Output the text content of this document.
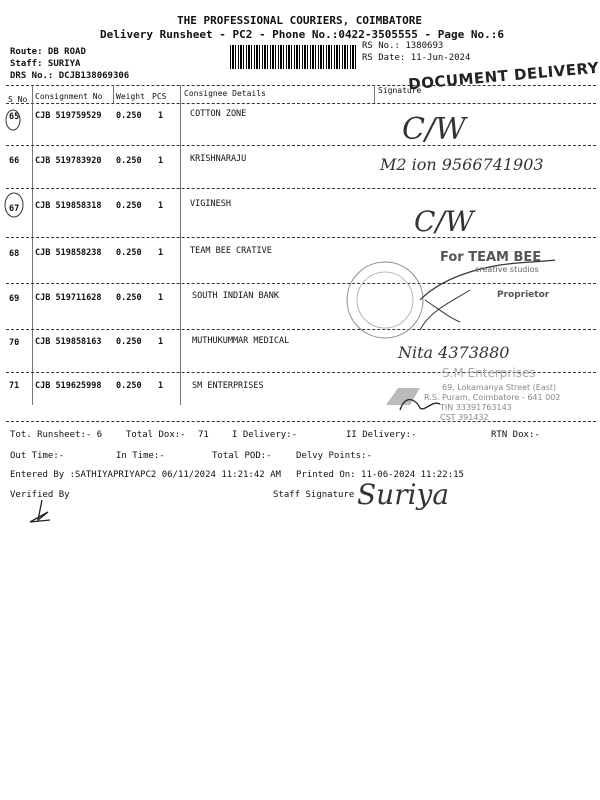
THE PROFESSIONAL COURIERS, COIMBATORE
Delivery Runsheet - PC2 - Phone No.:0422-3505555 - Page No.:6
Route: DB ROAD
Staff: SURIYA
DRS No.: DCJB138069306
RS No.: 1380693
RS Date: 11-Jun-2024
DOCUMENT DELIVERY
S No Consignment No Weight PCS Consignee Details	Signature
65 CJB 519759529 0.250 1	COTTON ZONE
66 CJB 519783920 0.250 1	KRISHNARAJU
67 CJB 519858318 0.250 1	VIGINESH
68 CJB 519858238 0.250 1	TEAM BEE CRATIVE
69 CJB 519711628 0.250 1	SOUTH INDIAN BANK
70 CJB 519858163 0.250 1	MUTHUKUMMAR MEDICAL
71 CJB 519625998 0.250 1	SM ENTERPRISES
C/W
M2 ion 9566741903
C/W
Nita 4373880
For TEAM BEE
creative studios
Proprietor
S.M Enterprises
69, Lokamanya Street (East)
R.S. Puram, Coimbatore - 641 002
TIN 33391763143
CST 391432
Tot. Runsheet:- 6	Total Dox:- 71	I Delivery:-	II Delivery:-	RTN Dox:-
Out Time:-	In Time:-	Total POD:-	Delvy Points:-
Entered By :SATHIYAPRIYAPC2 06/11/2024 11:21:42 AM Printed On: 11-06-2024 11:22:15
Verified By	Staff Signature Suriya
